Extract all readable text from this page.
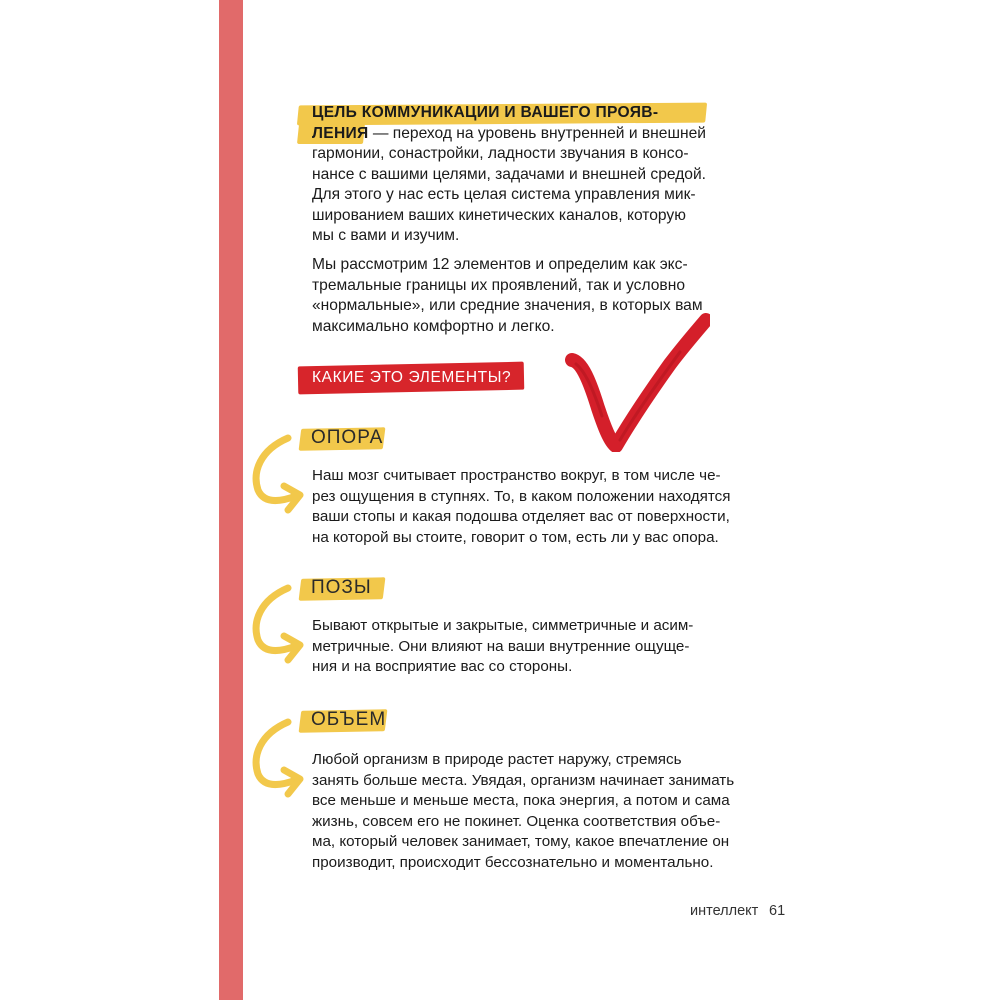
ЦЕЛЬ КОММУНИКАЦИИ И ВАШЕГО ПРОЯВ-
ЛЕНИЯ — переход на уровень внутренней и внешней
гармонии, сонастройки, ладности звучания в консо-
нансе с вашими целями, задачами и внешней средой.
Для этого у нас есть целая система управления мик-
шированием ваших кинетических каналов, которую
мы с вами и изучим.
Мы рассмотрим 12 элементов и определим как экс-
тремальные границы их проявлений, так и условно
«нормальные», или средние значения, в которых вам
максимально комфортно и легко.
КАКИЕ ЭТО ЭЛЕМЕНТЫ?
ОПОРА
Наш мозг считывает пространство вокруг, в том числе че-
рез ощущения в ступнях. То, в каком положении находятся
ваши стопы и какая подошва отделяет вас от поверхности,
на которой вы стоите, говорит о том, есть ли у вас опора.
ПОЗЫ
Бывают открытые и закрытые, симметричные и асим-
метричные. Они влияют на ваши внутренние ощуще-
ния и на восприятие вас со стороны.
ОБЪЕМ
Любой организм в природе растет наружу, стремясь
занять больше места. Увядая, организм начинает занимать
все меньше и меньше места, пока энергия, а потом и сама
жизнь, совсем его не покинет. Оценка соответствия объе-
ма, который человек занимает, тому, какое впечатление он
производит, происходит бессознательно и моментально.
интеллект 61
